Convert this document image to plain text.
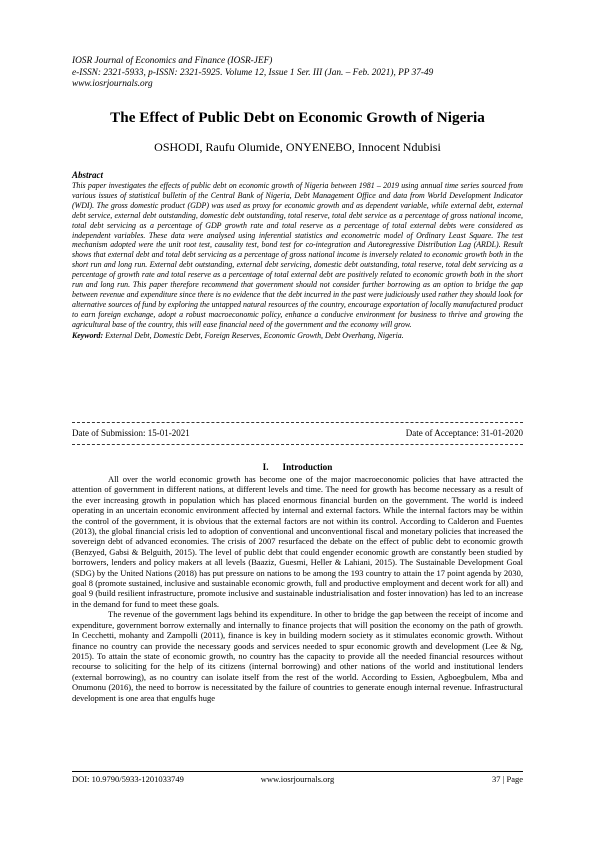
IOSR Journal of Economics and Finance (IOSR-JEF)
e-ISSN: 2321-5933, p-ISSN: 2321-5925. Volume 12, Issue 1 Ser. III (Jan. – Feb. 2021), PP 37-49
www.iosrjournals.org
The Effect of Public Debt on Economic Growth of Nigeria
OSHODI, Raufu Olumide, ONYENEBO, Innocent Ndubisi
Abstract
This paper investigates the effects of public debt on economic growth of Nigeria between 1981 – 2019 using annual time series sourced from various issues of statistical bulletin of the Central Bank of Nigeria, Debt Management Office and data from World Development Indicator (WDI). The gross domestic product (GDP) was used as proxy for economic growth and as dependent variable, while external debt, external debt service, external debt outstanding, domestic debt outstanding, total reserve, total debt service as a percentage of gross national income, total debt servicing as a percentage of GDP growth rate and total reserve as a percentage of total external debts were considered as independent variables. These data were analysed using inferential statistics and econometric model of Ordinary Least Square. The test mechanism adopted were the unit root test, causality test, bond test for co-integration and Autoregressive Distribution Lag (ARDL). Result shows that external debt and total debt servicing as a percentage of gross national income is inversely related to economic growth both in the short run and long run. External debt outstanding, external debt servicing, domestic debt outstanding, total reserve, total debt servicing as a percentage of growth rate and total reserve as a percentage of total external debt are positively related to economic growth both in the short run and long run. This paper therefore recommend that government should not consider further borrowing as an option to bridge the gap between revenue and expenditure since there is no evidence that the debt incurred in the past were judiciously used rather they should look for alternative sources of fund by exploring the untapped natural resources of the country, encourage exportation of locally manufactured product to earn foreign exchange, adopt a robust macroeconomic policy, enhance a conducive environment for business to thrive and growing the agricultural base of the country, this will ease financial need of the government and the economy will grow.
Keyword: External Debt, Domestic Debt, Foreign Reserves, Economic Growth, Debt Overhang, Nigeria.
Date of Submission: 15-01-2021	Date of Acceptance: 31-01-2020
I. Introduction

All over the world economic growth has become one of the major macroeconomic policies that have attracted the attention of government in different nations, at different levels and time. The need for growth has become necessary as a result of the ever increasing growth in population which has placed enormous financial burden on the government. The world is indeed operating in an uncertain economic environment affected by internal and external factors. While the internal factors may be within the control of the government, it is obvious that the external factors are not within its control. According to Calderon and Fuentes (2013), the global financial crisis led to adoption of conventional and unconventional fiscal and monetary policies that increased the sovereign debt of advanced economies. The crisis of 2007 resurfaced the debate on the effect of public debt to economic growth (Benzyed, Gabsi & Belguith, 2015). The level of public debt that could engender economic growth are constantly been studied by borrowers, lenders and policy makers at all levels (Baaziz, Guesmi, Heller & Lahiani, 2015). The Sustainable Development Goal (SDG) by the United Nations (2018) has put pressure on nations to be among the 193 country to attain the 17 point agenda by 2030, goal 8 (promote sustained, inclusive and sustainable economic growth, full and productive employment and decent work for all) and goal 9 (build resilient infrastructure, promote inclusive and sustainable industrialisation and foster innovation) has led to an increase in the demand for fund to meet these goals.

The revenue of the government lags behind its expenditure. In other to bridge the gap between the receipt of income and expenditure, government borrow externally and internally to finance projects that will position the economy on the path of growth. In Cecchetti, mohanty and Zampolli (2011), finance is key in building modern society as it stimulates economic growth. Without finance no country can provide the necessary goods and services needed to spur economic growth and development (Lee & Ng, 2015). To attain the state of economic growth, no country has the capacity to provide all the needed financial resources without recourse to soliciting for the help of its citizens (internal borrowing) and other nations of the world and institutional lenders (external borrowing), as no country can isolate itself from the rest of the world. According to Essien, Agboegbulem, Mba and Onumonu (2016), the need to borrow is necessitated by the failure of countries to generate enough internal revenue. Infrastructural development is one area that engulfs huge

DOI: 10.9790/5933-1201033749	www.iosrjournals.org	37 | Page
